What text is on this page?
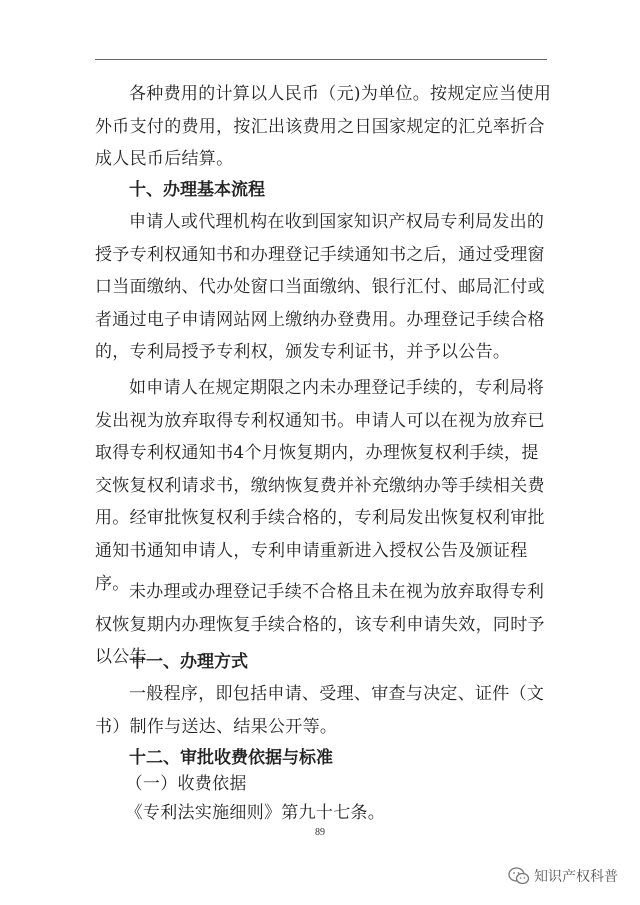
各种费用的计算以人民币（元)为单位。按规定应当使用外币支付的费用，按汇出该费用之日国家规定的汇兑率折合成人民币后结算。

十、办理基本流程

申请人或代理机构在收到国家知识产权局专利局发出的授予专利权通知书和办理登记手续通知书之后，通过受理窗口当面缴纳、代办处窗口当面缴纳、银行汇付、邮局汇付或者通过电子申请网站网上缴纳办登费用。办理登记手续合格的，专利局授予专利权，颁发专利证书，并予以公告。

如申请人在规定期限之内未办理登记手续的，专利局将发出视为放弃取得专利权通知书。申请人可以在视为放弃已取得专利权通知书4个月恢复期内，办理恢复权利手续，提交恢复权利请求书，缴纳恢复费并补充缴纳办等手续相关费用。经审批恢复权利手续合格的，专利局发出恢复权利审批通知书通知申请人，专利申请重新进入授权公告及颁证程序。 未办理或办理登记手续不合格且未在视为放弃取得专利权恢复期内办理恢复手续合格的，该专利申请失效，同时予以公告

十一、办理方式

一般程序，即包括申请、受理、审查与决定、证件（文书）制作与送达、结果公开等。

十二、审批收费依据与标准

（一）收费依据

《专利法实施细则》第九十七条。

89
知识产权科普
